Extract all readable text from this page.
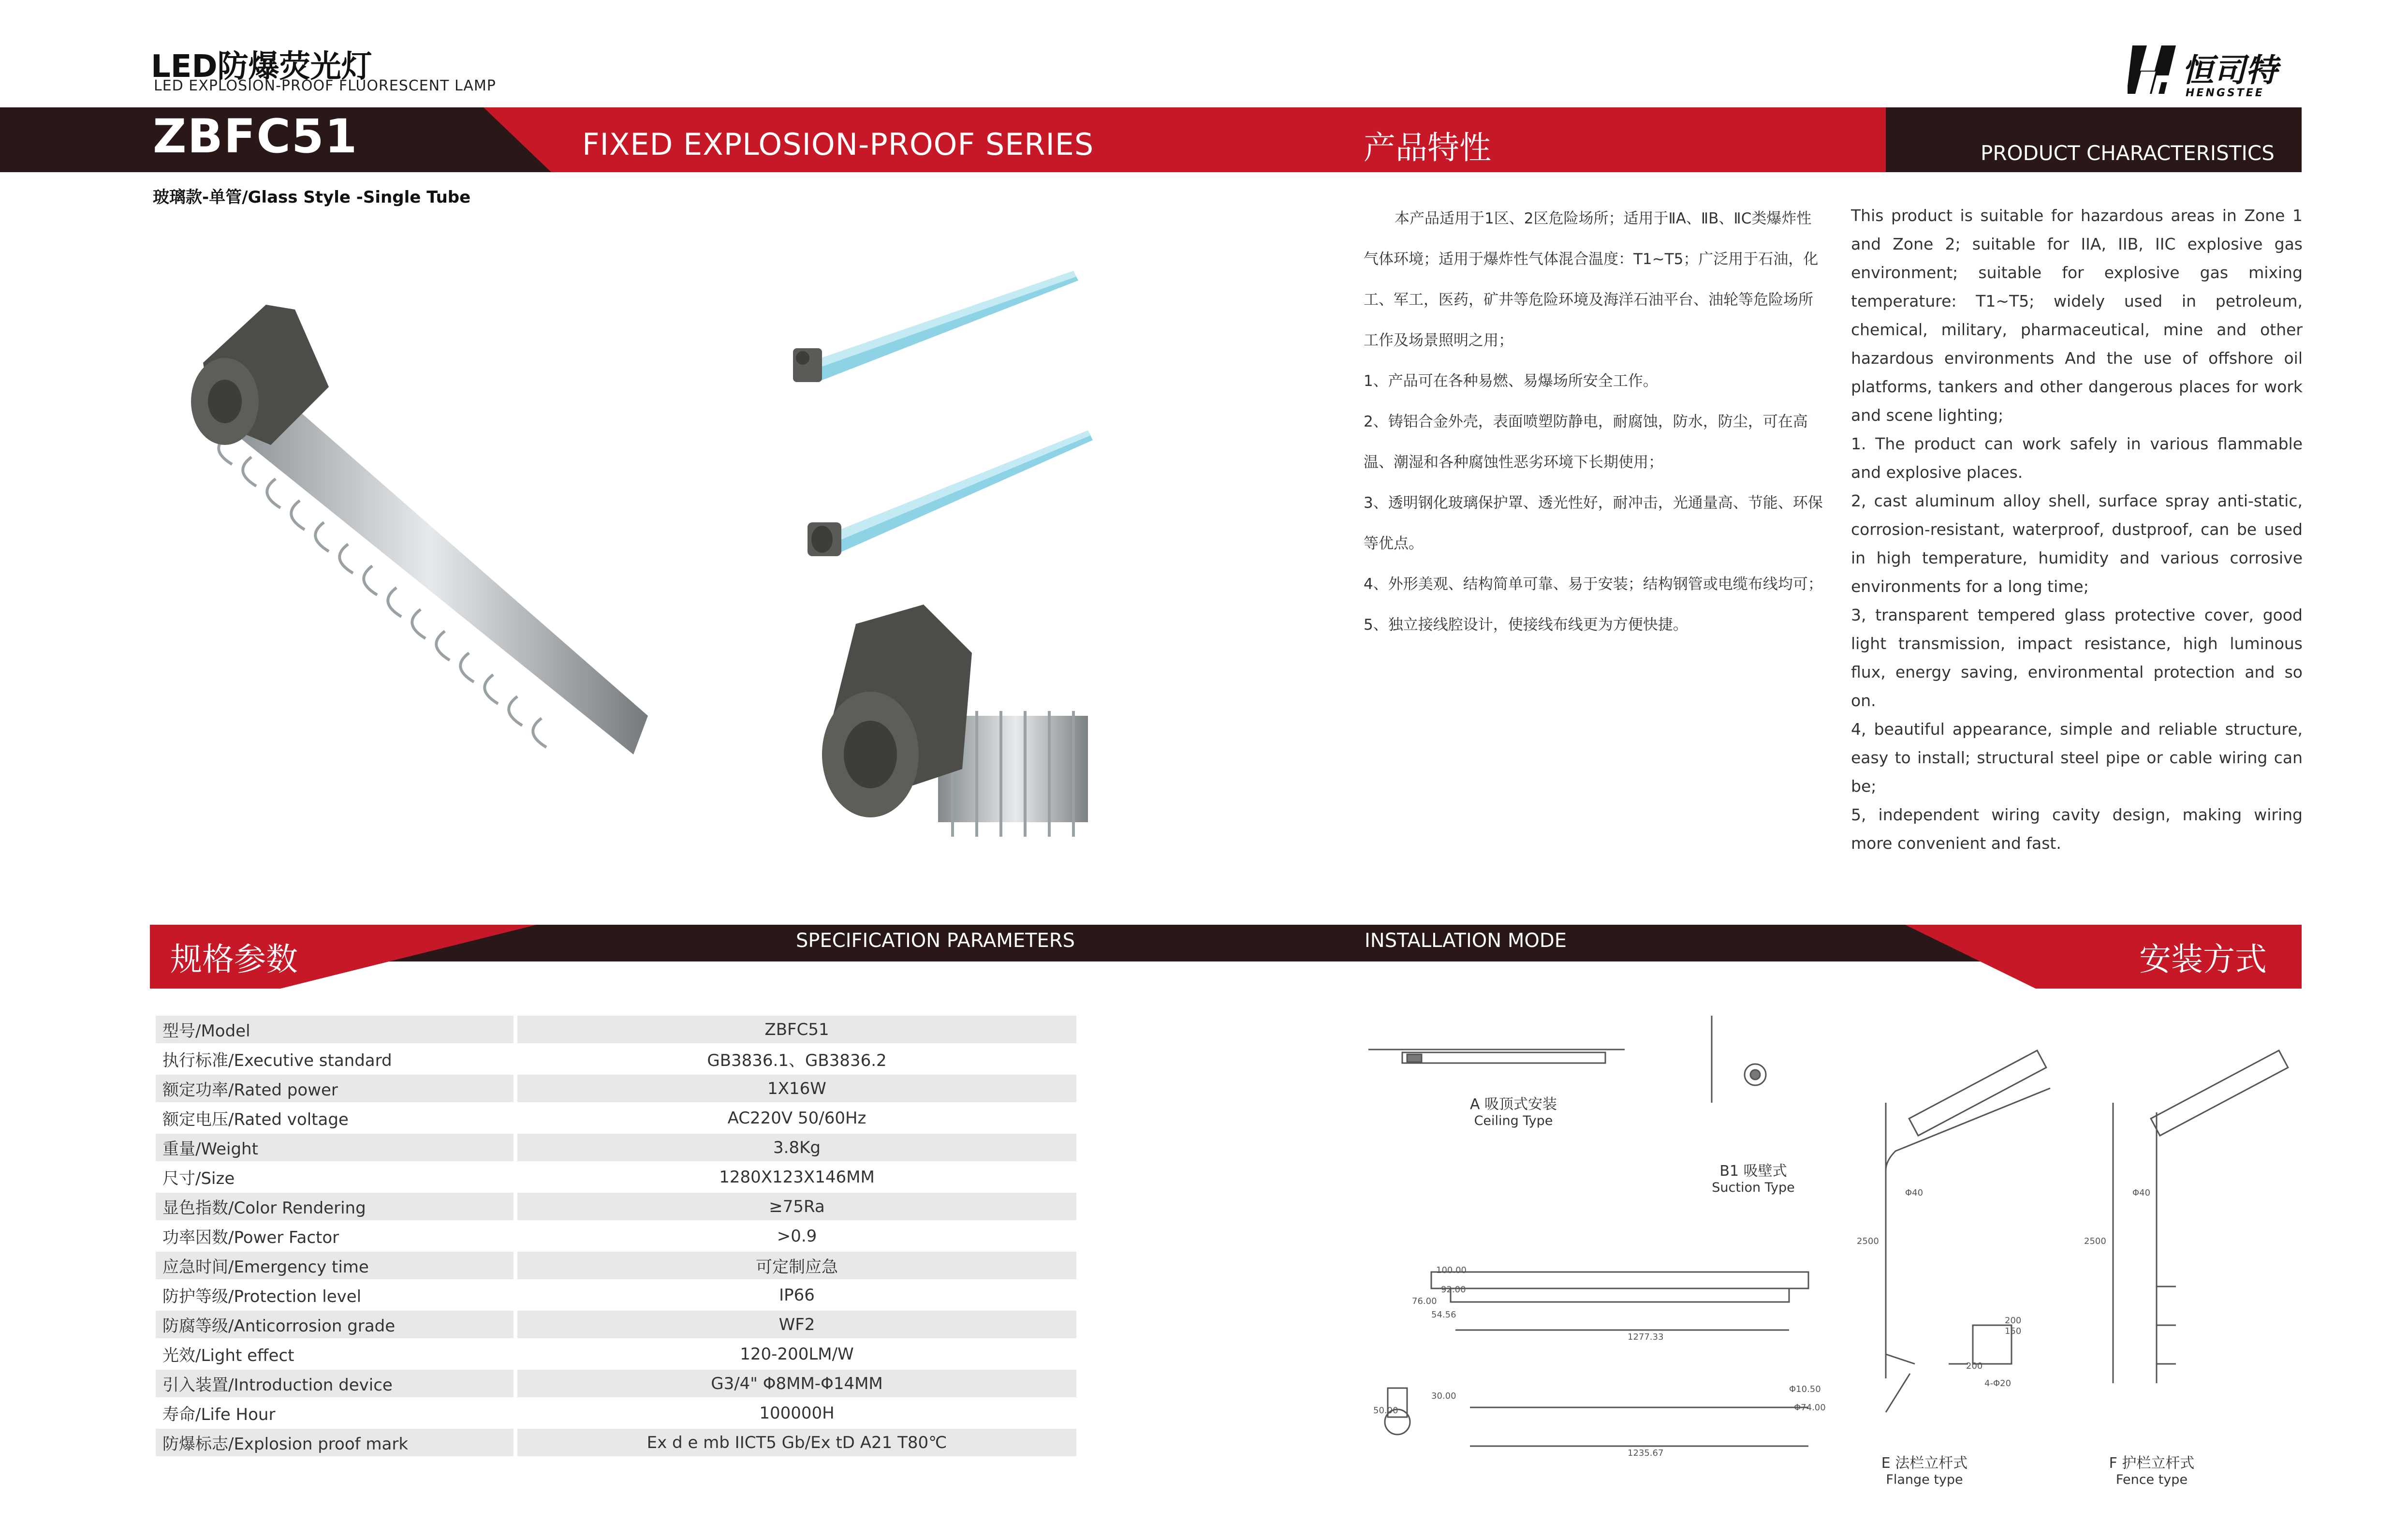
LED防爆荧光灯
LED EXPLOSION-PROOF FLUORESCENT LAMP	恒司特
HENGSTEE
ZBFC51	FIXED EXPLOSION-PROOF SERIES	产品特性	PRODUCT CHARACTERISTICS
玻璃款-单管/Glass Style -Single Tube

本产品适用于1区、2区危险场所；适用于ⅡA、ⅡB、ⅡC类爆炸性气体环境；适用于爆炸性气体混合温度：T1~T5；广泛用于石油，化工、军工，医药，矿井等危险环境及海洋石油平台、油轮等危险场所工作及场景照明之用；

1、产品可在各种易燃、易爆场所安全工作。

2、铸铝合金外壳，表面喷塑防静电，耐腐蚀，防水，防尘，可在高温、潮湿和各种腐蚀性恶劣环境下长期使用；

3、透明钢化玻璃保护罩、透光性好，耐冲击，光通量高、节能、环保等优点。

4、外形美观、结构简单可靠、易于安装；结构钢管或电缆布线均可；

5、独立接线腔设计，使接线布线更为方便快捷。

This product is suitable for hazardous areas in Zone 1 and Zone 2; suitable for IIA, IIB, IIC explosive gas environment; suitable for explosive gas mixing temperature: T1~T5; widely used in petroleum, chemical, military, pharmaceutical, mine and other hazardous environments And the use of offshore oil platforms, tankers and other dangerous places for work and scene lighting;

1. The product can work safely in various flammable and explosive places.

2, cast aluminum alloy shell, surface spray anti-static, corrosion-resistant, waterproof, dustproof, can be used in high temperature, humidity and various corrosive environments for a long time;

3, transparent tempered glass protective cover, good light transmission, impact resistance, high luminous flux, energy saving, environmental protection and so on.

4, beautiful appearance, simple and reliable structure, easy to install; structural steel pipe or cable wiring can be;

5, independent wiring cavity design, making wiring more convenient and fast.

规格参数	SPECIFICATION PARAMETERS	INSTALLATION MODE	安装方式
型号/Model	ZBFC51
执行标准/Executive standard	GB3836.1、GB3836.2
额定功率/Rated power	1X16W
额定电压/Rated voltage	AC220V 50/60Hz
重量/Weight	3.8Kg
尺寸/Size	1280X123X146MM
显色指数/Color Rendering	≥75Ra
功率因数/Power Factor	>0.9
应急时间/Emergency time	可定制应急
防护等级/Protection level	IP66
防腐等级/Anticorrosion grade	WF2
光效/Light effect	120-200LM/W
引入装置/Introduction device	G3/4" Φ8MM-Φ14MM
寿命/Life Hour	100000H
防爆标志/Explosion proof mark	Ex d e mb IICT5 Gb/Ex tD A21 T80℃
A 吸顶式安装
Ceiling Type
B1 吸壁式
Suction Type
E 法栏立杆式
Flange type
F 护栏立杆式
Fence type
Φ40
2500
Φ40
2500
1277.33
1235.67
Φ10.50
Φ74.00
200
150
200
4-Φ20
100.00
92.00
76.00
54.56
30.00
50.00
